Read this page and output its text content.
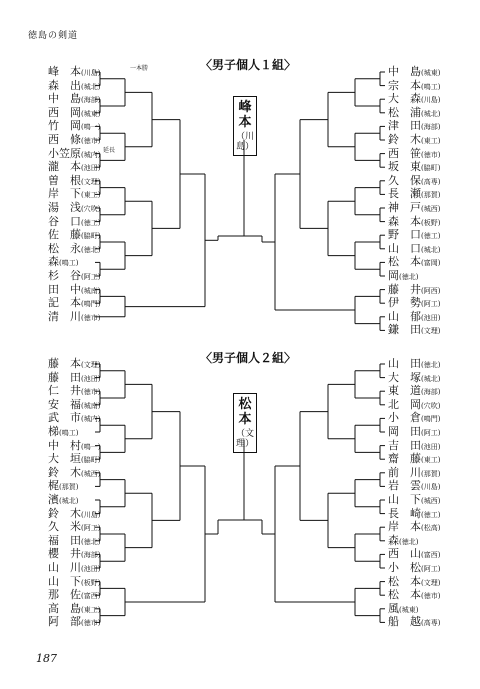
徳島の剣道
〈男子個人１組〉
〈男子個人２組〉
峰
本
（川島）
松
本
（文理）
一本勝
延長
峰　本(川島)
森　出(城北)
中　島(海部)
西　岡(城東)
竹　岡(鳴一)
西　條(徳市)
小笠原(城内)
瀧　本(池田)
曽　根(文理)
岸　下(東工)
湯　浅(穴吹)
谷　口(徳工)
佐　藤(脇町)
松　永(徳北)
森(鳴工)
杉　谷(阿工)
田　中(城南)
記　本(鳴門)
清　川(徳市)
中　島(城東)
宗　本(鳴工)
大　森(川島)
松　浦(城北)
津　田(海部)
鈴　木(東工)
西　笹(徳市)
坂　東(脇町)
久　保(高専)
長　瀬(那賀)
神　戸(城西)
森　本(板野)
野　口(徳工)
山　口(城北)
松　本(富岡)
岡(徳北)
藤　井(阿西)
伊　勢(阿工)
山　郁(池田)
鎌　田(文理)
藤　本(文理)
藤　田(池田)
仁　井(徳市)
安　福(城南)
武　市(城内)
梯(鳴工)
中　村(鳴一)
大　垣(脇町)
鈴　木(城西)
梶(那賀)
濱(城北)
鈴　木(川島)
久　米(阿工)
福　田(徳北)
櫻　井(海部)
山　川(池田)
山　下(板野)
那　佐(富西)
高　島(東工)
阿　部(徳市)
山　田(徳北)
大　塚(城北)
東　道(海部)
北　岡(穴吹)
小　倉(鳴門)
岡　田(阿工)
吉　田(池田)
齋　藤(東工)
前　川(那賀)
岩　雲(川島)
山　下(城西)
長　崎(徳工)
岸　本(松高)
森(徳北)
西　山(富西)
小　松(阿工)
松　本(文理)
松　本(徳市)
風(城東)
船　越(高専)
187
